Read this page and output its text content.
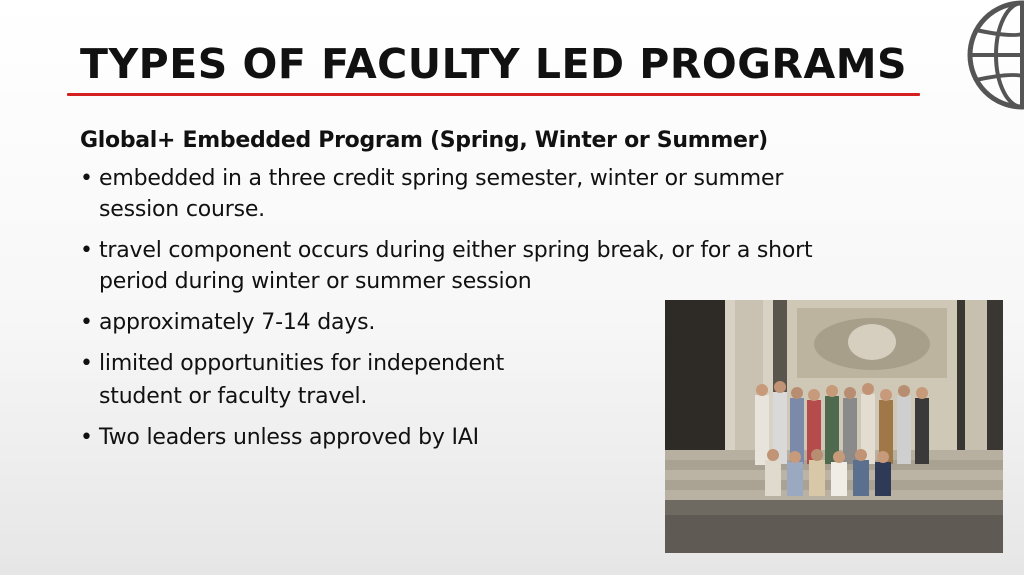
TYPES OF FACULTY LED PROGRAMS

Global+ Embedded Program (Spring, Winter or Summer)

• embedded in a three credit spring semester, winter or summer session course.
• travel component occurs during either spring break, or for a short period during winter or summer session
• approximately 7-14 days.
• limited opportunities for independent
student or faculty travel.
• Two leaders unless approved by IAI
